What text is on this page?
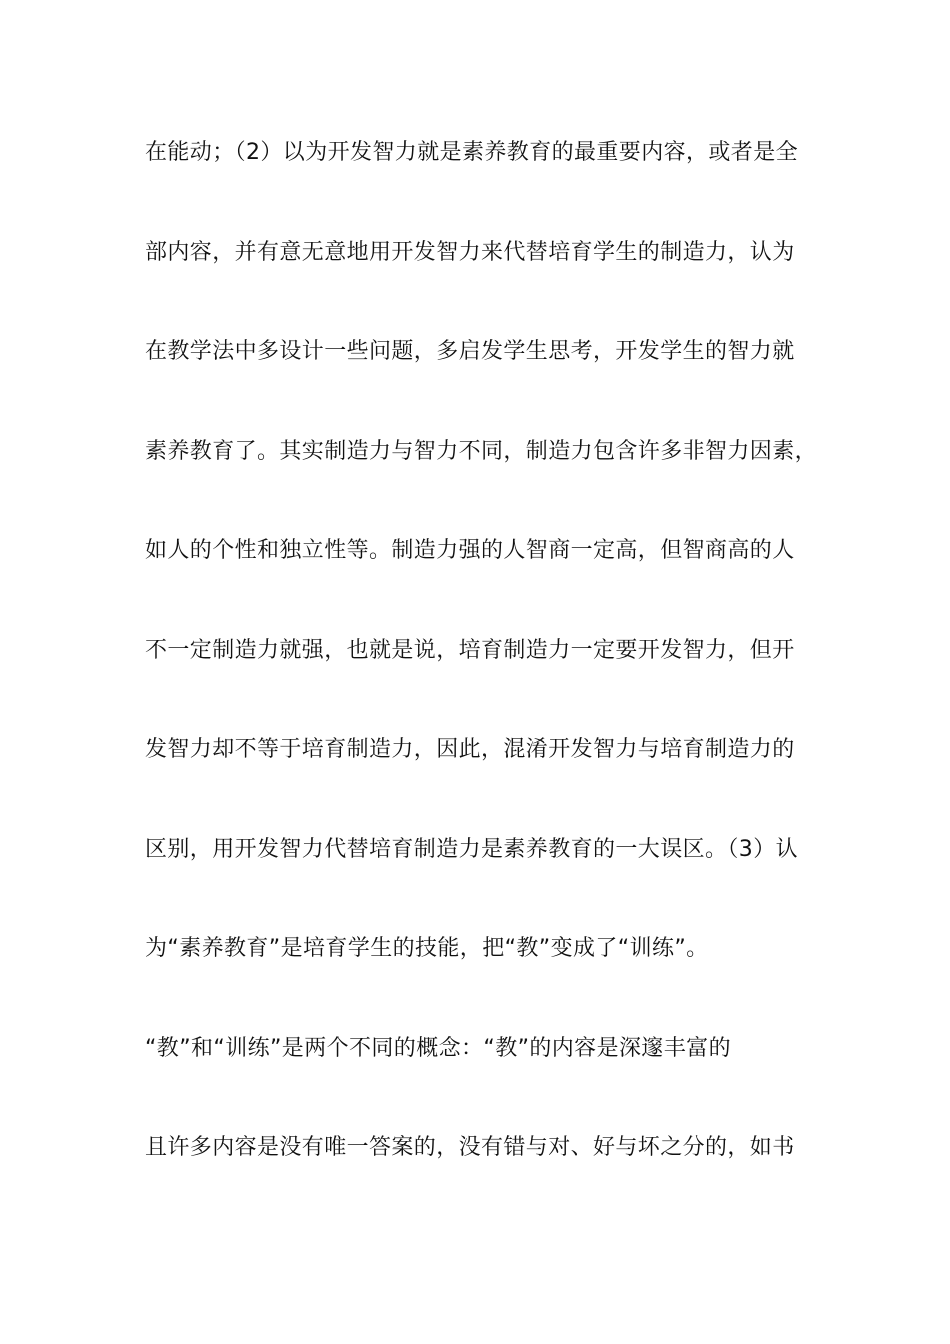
在能动；（2）以为开发智力就是素养教育的最重要内容，或者是全
部内容，并有意无意地用开发智力来代替培育学生的制造力，认为
在教学法中多设计一些问题，多启发学生思考，开发学生的智力就
素养教育了。其实制造力与智力不同，制造力包含许多非智力因素，
如人的个性和独立性等。制造力强的人智商一定高，但智商高的人
不一定制造力就强，也就是说，培育制造力一定要开发智力，但开
发智力却不等于培育制造力，因此，混淆开发智力与培育制造力的
区别，用开发智力代替培育制造力是素养教育的一大误区。（3）认
为“素养教育”是培育学生的技能，把“教”变成了“训练”。
“教”和“训练”是两个不同的概念：“教”的内容是深邃丰富的
且许多内容是没有唯一答案的，没有错与对、好与坏之分的，如书
